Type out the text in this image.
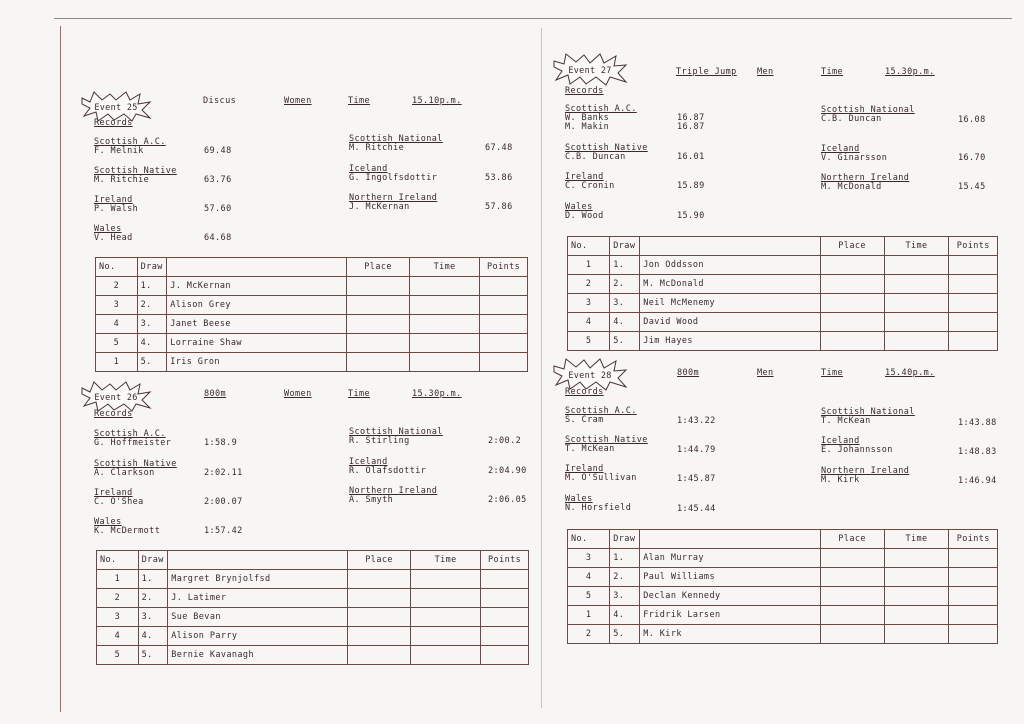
Event 25
Discus	Women	Time	15.10p.m.
Records
Scottish A.C.
F. Melnik	69.48
Scottish Native
M. Ritchie	63.76
Ireland
P. Walsh	57.60
Wales
V. Head	64.68
Scottish National
M. Ritchie	67.48
Iceland
G. Ingolfsdottir	53.86
Northern Ireland
J. McKernan	57.86
No.	Draw		Place	Time	Points
2	1.	J. McKernan			
3	2.	Alison Grey			
4	3.	Janet Beese			
5	4.	Lorraine Shaw			
1	5.	Iris Gron			
Event 26	800m	Women	Time	15.30p.m.
Records
Scottish A.C.
G. Hoffmeister	1:58.9
Scottish Native
A. Clarkson	2:02.11
Ireland
C. O'Shea	2:00.07
Wales
K. McDermott	1:57.42
Scottish National
R. Stirling	2:00.2
Iceland
R. Olafsdottir	2:04.90
Northern Ireland
A. Smyth	2:06.05
No.	Draw		Place	Time	Points
1	1.	Margret Brynjolfsd			
2	2.	J. Latimer			
3	3.	Sue Bevan			
4	4.	Alison Parry			
5	5.	Bernie Kavanagh			
Event 27	Triple Jump Men	Time	15.30p.m.
Records
Scottish A.C.
W. Banks	16.87
M. Makin	16.87
Scottish Native
C.B. Duncan	16.01
Ireland
C. Cronin	15.89
Wales
D. Wood	15.90
Scottish National
C.B. Duncan	16.08
Iceland
V. Ginarsson	16.70
Northern Ireland
M. McDonald	15.45
No.	Draw		Place	Time	Points
1	1.	Jon Oddsson			
2	2.	M. McDonald			
3	3.	Neil McMenemy			
4	4.	David Wood			
5	5.	Jim Hayes			
Event 28	800m	Men	Time	15.40p.m.
Records
Scottish A.C.
S. Cram	1:43.22
Scottish Native
T. McKean	1:44.79
Ireland
M. O'Sullivan	1:45.87
Wales
N. Horsfield	1:45.44
Scottish National
T. McKean	1:43.88
Iceland
E. Johannsson	1:48.83
Northern Ireland
M. Kirk	1:46.94
No.	Draw		Place	Time	Points
3	1.	Alan Murray			
4	2.	Paul Williams			
5	3.	Declan Kennedy			
1	4.	Fridrik Larsen			
2	5.	M. Kirk			
